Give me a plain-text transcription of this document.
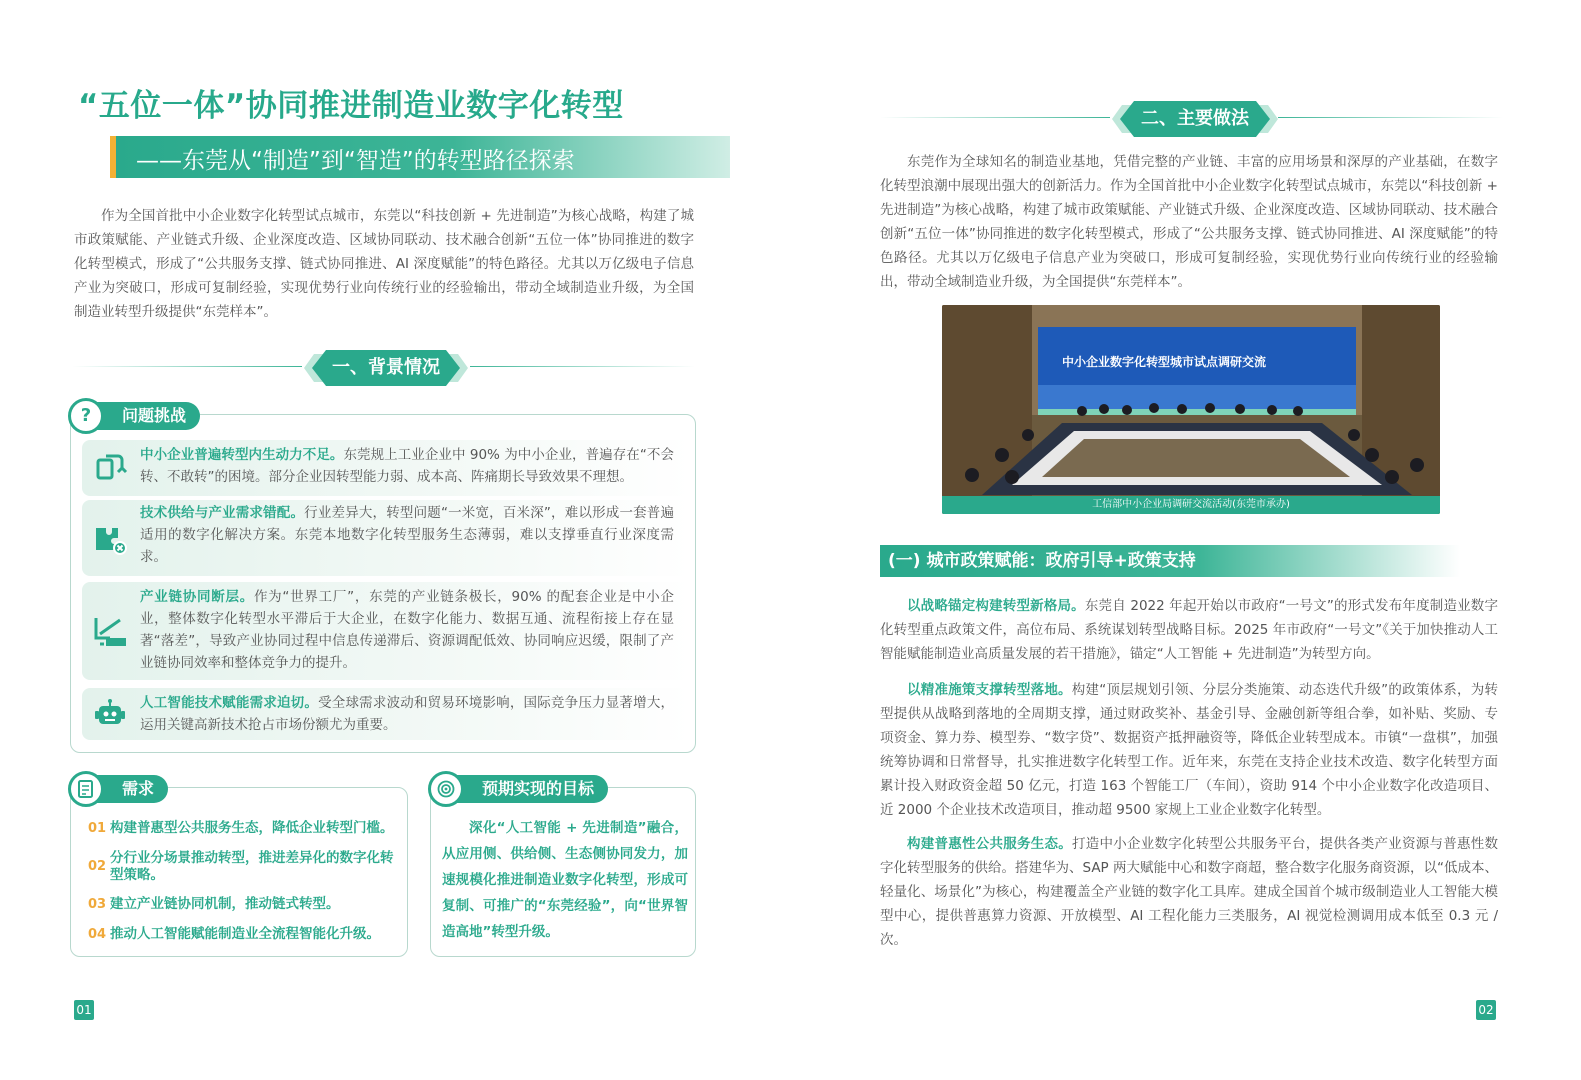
“五位一体”协同推进制造业数字化转型
——东莞从“制造”到“智造”的转型路径探索

作为全国首批中小企业数字化转型试点城市，东莞以“科技创新 + 先进制造”为核心战略，构建了城市政策赋能、产业链式升级、企业深度改造、区域协同联动、技术融合创新“五位一体”协同推进的数字化转型模式，形成了“公共服务支撑、链式协同推进、AI 深度赋能”的特色路径。尤其以万亿级电子信息产业为突破口，形成可复制经验，实现优势行业向传统行业的经验输出，带动全域制造业升级，为全国制造业转型升级提供“东莞样本”。

一、背景情况
问题挑战
?
中小企业普遍转型内生动力不足。东莞规上工业企业中 90% 为中小企业，普遍存在“不会转、不敢转”的困境。部分企业因转型能力弱、成本高、阵痛期长导致效果不理想。
技术供给与产业需求错配。行业差异大，转型问题“一米宽，百米深”，难以形成一套普遍适用的数字化解决方案。东莞本地数字化转型服务生态薄弱，难以支撑垂直行业深度需求。
产业链协同断层。作为“世界工厂”，东莞的产业链条极长，90% 的配套企业是中小企业，整体数字化转型水平滞后于大企业，在数字化能力、数据互通、流程衔接上存在显著“落差”，导致产业协同过程中信息传递滞后、资源调配低效、协同响应迟缓，限制了产业链协同效率和整体竞争力的提升。
人工智能技术赋能需求迫切。受全球需求波动和贸易环境影响，国际竞争压力显著增大，运用关键高新技术抢占市场份额尤为重要。
需求
01 构建普惠型公共服务生态，降低企业转型门槛。
02
分行业分场景推动转型，推进差异化的数字化转型策略。
03 建立产业链协同机制，推动链式转型。
04 推动人工智能赋能制造业全流程智能化升级。
预期实现的目标
深化“人工智能 + 先进制造”融合，从应用侧、供给侧、生态侧协同发力，加速规模化推进制造业数字化转型，形成可复制、可推广的“东莞经验”，向“世界智造高地”转型升级。
01
二、主要做法

东莞作为全球知名的制造业基地，凭借完整的产业链、丰富的应用场景和深厚的产业基础，在数字化转型浪潮中展现出强大的创新活力。作为全国首批中小企业数字化转型试点城市，东莞以“科技创新 + 先进制造”为核心战略，构建了城市政策赋能、产业链式升级、企业深度改造、区域协同联动、技术融合创新“五位一体”协同推进的数字化转型模式，形成了“公共服务支撑、链式协同推进、AI 深度赋能”的特色路径。尤其以万亿级电子信息产业为突破口，形成可复制经验，实现优势行业向传统行业的经验输出，带动全域制造业升级，为全国提供“东莞样本”。

中小企业数字化转型城市试点调研交流
工信部中小企业局调研交流活动(东莞市承办)
(一) 城市政策赋能：政府引导+政策支持

以战略锚定构建转型新格局。东莞自 2022 年起开始以市政府“一号文”的形式发布年度制造业数字化转型重点政策文件，高位布局、系统谋划转型战略目标。2025 年市政府“一号文”《关于加快推动人工智能赋能制造业高质量发展的若干措施》，锚定“人工智能 + 先进制造”为转型方向。

以精准施策支撑转型落地。构建“顶层规划引领、分层分类施策、动态迭代升级”的政策体系，为转型提供从战略到落地的全周期支撑，通过财政奖补、基金引导、金融创新等组合拳，如补贴、奖励、专项资金、算力券、模型券、“数字贷”、数据资产抵押融资等，降低企业转型成本。市镇“一盘棋”，加强统筹协调和日常督导，扎实推进数字化转型工作。近年来，东莞在支持企业技术改造、数字化转型方面累计投入财政资金超 50 亿元，打造 163 个智能工厂（车间），资助 914 个中小企业数字化改造项目、近 2000 个企业技术改造项目，推动超 9500 家规上工业企业数字化转型。

构建普惠性公共服务生态。打造中小企业数字化转型公共服务平台，提供各类产业资源与普惠性数字化转型服务的供给。搭建华为、SAP 两大赋能中心和数字商超，整合数字化服务商资源，以“低成本、轻量化、场景化”为核心，构建覆盖全产业链的数字化工具库。建成全国首个城市级制造业人工智能大模型中心，提供普惠算力资源、开放模型、AI 工程化能力三类服务，AI 视觉检测调用成本低至 0.3 元 / 次。

02
